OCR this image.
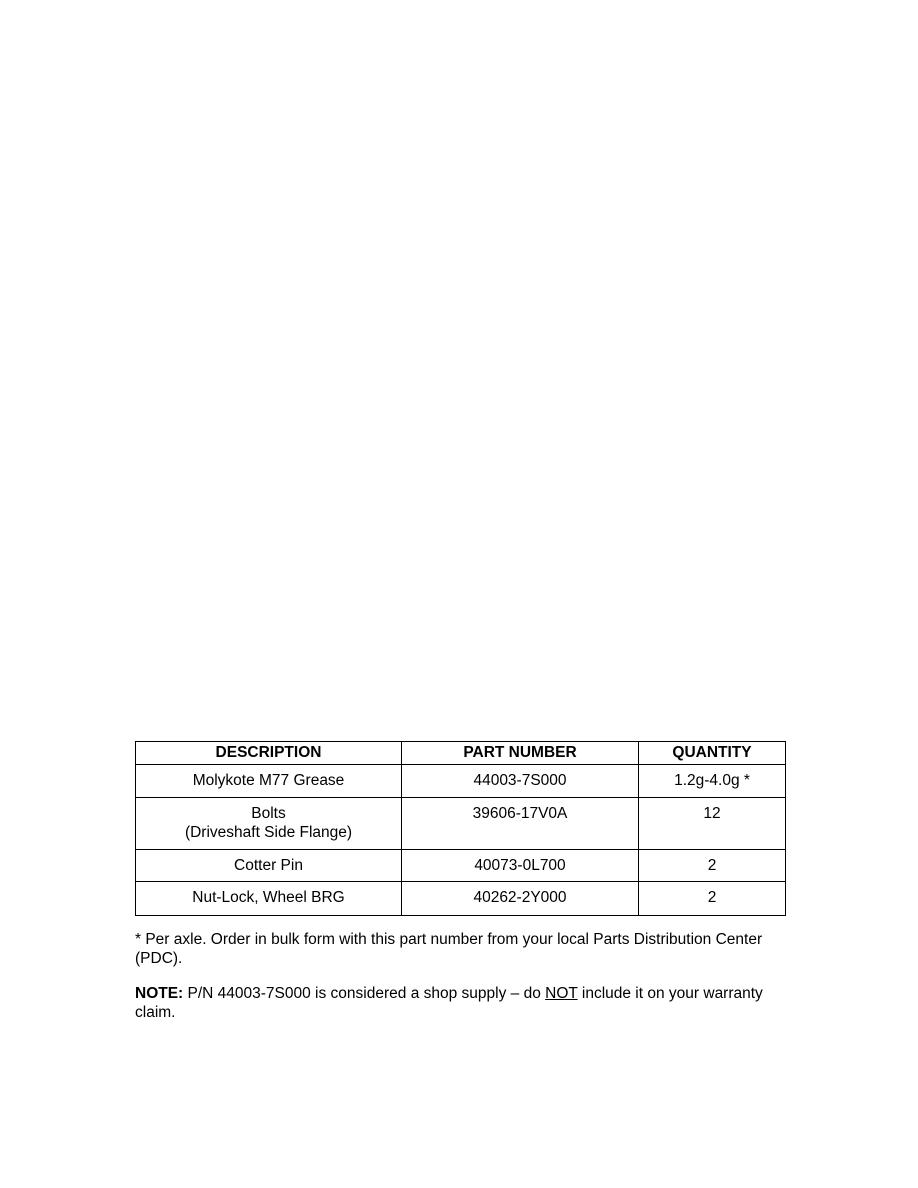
DESCRIPTION	PART NUMBER	QUANTITY

Molykote M77 Grease	44003-7S000	1.2g-4.0g *

Bolts
(Driveshaft Side Flange)	39606-17V0A	12

Cotter Pin	40073-0L700	2

Nut-Lock, Wheel BRG	40262-2Y000	2

* Per axle. Order in bulk form with this part number from your local Parts Distribution Center (PDC).

NOTE: P/N 44003-7S000 is considered a shop supply – do NOT include it on your warranty claim.
